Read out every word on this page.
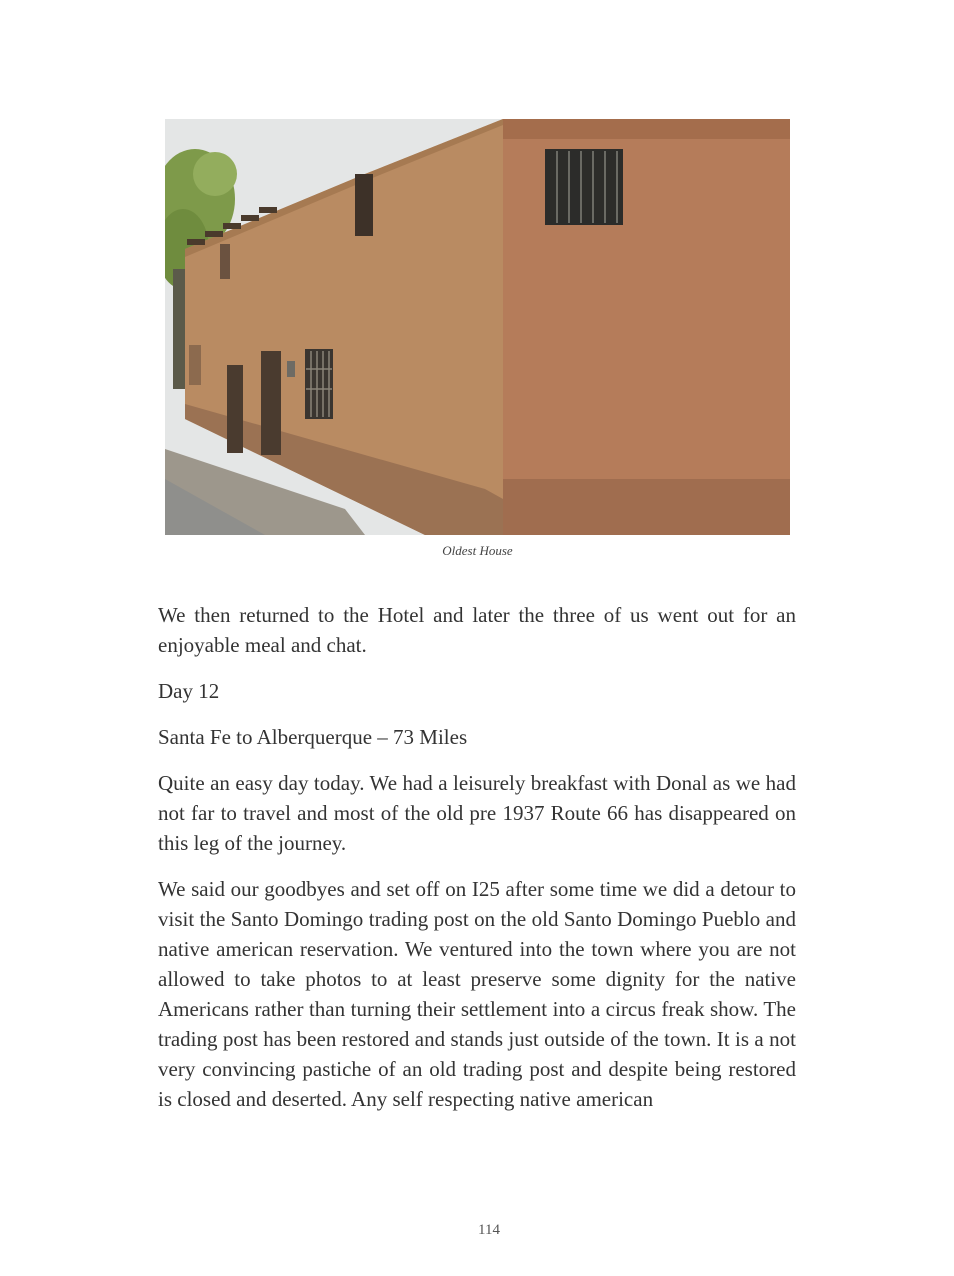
Oldest House

We then returned to the Hotel and later the three of us went out for an enjoyable meal and chat.

Day 12

Santa Fe to Alberquerque – 73 Miles

Quite an easy day today. We had a leisurely breakfast with Donal as we had not far to travel and most of the old pre 1937 Route 66 has disappeared on this leg of the journey.

We said our goodbyes and set off on I25 after some time we did a detour to visit the Santo Domingo trading post on the old Santo Domingo Pueblo and native american reservation. We ventured into the town where you are not allowed to take photos to at least preserve some dignity for the native Americans rather than turning their settlement into a circus freak show. The trading post has been restored and stands just outside of the town. It is a not very convincing pastiche of an old trading post and despite being restored is closed and deserted. Any self respecting native american

114
